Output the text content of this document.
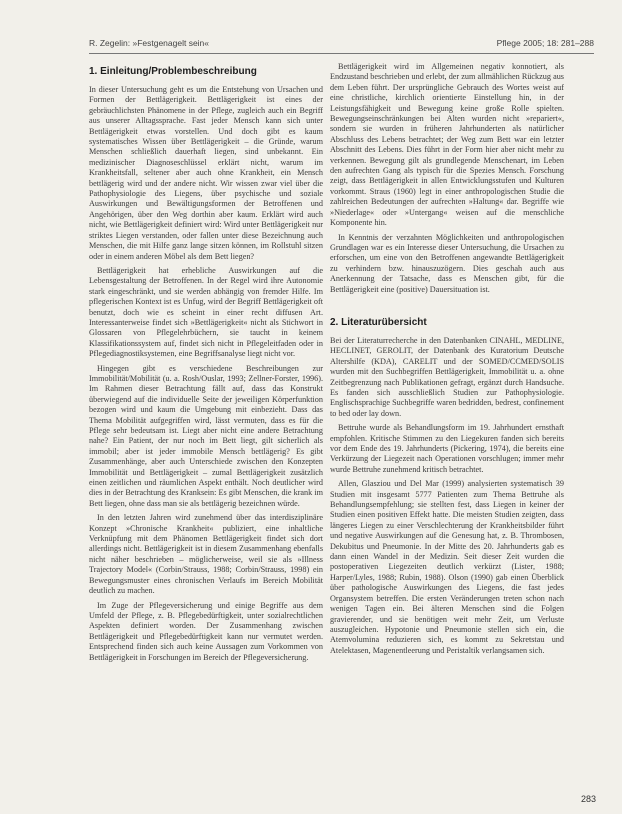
R. Zegelin: »Festgenagelt sein«	Pflege 2005; 18: 281–288
1. Einleitung/Problembeschreibung

In dieser Untersuchung geht es um die Entstehung von Ursachen und Formen der Bettlägerigkeit. Bettlägerigkeit ist eines der gebräuchlichsten Phänomene in der Pflege, zugleich auch ein Begriff aus unserer Alltagssprache. Fast jeder Mensch kann sich unter Bettlägerigkeit etwas vorstellen. Und doch gibt es kaum systematisches Wissen über Bettlägerigkeit – die Gründe, warum Menschen schließlich dauerhaft liegen, sind unbekannt. Ein medizinischer Diagnoseschlüssel erklärt nicht, warum im Krankheitsfall, seltener aber auch ohne Krankheit, ein Mensch bettlägerig wird und der andere nicht. Wir wissen zwar viel über die Pathophysiologie des Liegens, über psychische und soziale Auswirkungen und Bewältigungsformen der Betroffenen und Angehörigen, über den Weg dorthin aber kaum. Erklärt wird auch nicht, wie Bettlägerigkeit definiert wird: Wird unter Bettlägerigkeit nur striktes Liegen verstanden, oder fallen unter diese Bezeichnung auch Menschen, die mit Hilfe ganz lange sitzen können, im Rollstuhl sitzen oder in einem anderen Möbel als dem Bett liegen?

Bettlägerigkeit hat erhebliche Auswirkungen auf die Lebensgestaltung der Betroffenen. In der Regel wird ihre Autonomie stark eingeschränkt, und sie werden abhängig von fremder Hilfe. Im pflegerischen Kontext ist es Unfug, wird der Begriff Bettlägerigkeit oft benutzt, doch wie es scheint in einer recht diffusen Art. Interessanterweise findet sich »Bettlägerigkeit« nicht als Stichwort in Glossaren von Pflegelehrbüchern, sie taucht in keinem Klassifikationssystem auf, findet sich nicht in Pflegeleitfaden oder in Pflegediagnostiksystemen, eine Begriffsanalyse liegt nicht vor.

Hingegen gibt es verschiedene Beschreibungen zur Immobilität/Mobilität (u. a. Rosh/Ouslar, 1993; Zellner-Forster, 1996). Im Rahmen dieser Betrachtung fällt auf, dass das Konstrukt überwiegend auf die individuelle Seite der jeweiligen Körperfunktion bezogen wird und kaum die Umgebung mit einbezieht. Dass das Thema Mobilität aufgegriffen wird, lässt vermuten, dass es für die Pflege sehr bedeutsam ist. Liegt aber nicht eine andere Betrachtung nahe? Ein Patient, der nur noch im Bett liegt, gilt sicherlich als immobil; aber ist jeder immobile Mensch bettlägerig? Es gibt Zusammenhänge, aber auch Unterschiede zwischen den Konzepten Immobilität und Bettlägerigkeit – zumal Bettlägerigkeit zusätzlich einen zeitlichen und räumlichen Aspekt enthält. Noch deutlicher wird dies in der Betrachtung des Kranksein: Es gibt Menschen, die krank im Bett liegen, ohne dass man sie als bettlägerig bezeichnen würde.

In den letzten Jahren wird zunehmend über das interdisziplinäre Konzept »Chronische Krankheit« publiziert, eine inhaltliche Verknüpfung mit dem Phänomen Bettlägerigkeit findet sich dort allerdings nicht. Bettlägerigkeit ist in diesem Zusammenhang ebenfalls nicht näher beschrieben – möglicherweise, weil sie als »Illness Trajectory Model« (Corbin/Strauss, 1988; Corbin/Strauss, 1998) ein Bewegungsmuster eines chronischen Verlaufs im Bereich Mobilität deutlich zu machen.

Im Zuge der Pflegeversicherung und einige Begriffe aus dem Umfeld der Pflege, z. B. Pflegebedürftigkeit, unter sozialrechtlichen Aspekten definiert worden. Der Zusammenhang zwischen Bettlägerigkeit und Pflegebedürftigkeit kann nur vermutet werden. Entsprechend finden sich auch keine Aussagen zum Vorkommen von Bettlägerigkeit in Forschungen im Bereich der Pflegeversicherung.

Bettlägerigkeit wird im Allgemeinen negativ konnotiert, als Endzustand beschrieben und erlebt, der zum allmählichen Rückzug aus dem Leben führt. Der ursprüngliche Gebrauch des Wortes weist auf eine christliche, kirchlich orientierte Einstellung hin, in der Leistungsfähigkeit und Bewegung keine große Rolle spielten. Bewegungseinschränkungen bei Alten wurden nicht »repariert«, sondern sie wurden in früheren Jahrhunderten als natürlicher Abschluss des Lebens betrachtet; der Weg zum Bett war ein letzter Abschnitt des Lebens. Dies führt in der Form hier aber nicht mehr zu verkennen. Bewegung gilt als grundlegende Menschenart, im Leben den aufrechten Gang als typisch für die Spezies Mensch. Forschung zeigt, dass Bettlägerigkeit in allen Entwicklungsstufen und Kulturen vorkommt. Straus (1960) legt in einer anthropologischen Studie die zahlreichen Bedeutungen der aufrechten »Haltung« dar. Begriffe wie »Niederlage« oder »Untergang« weisen auf die menschliche Komponente hin.

In Kenntnis der verzahnten Möglichkeiten und anthropologischen Grundlagen war es ein Interesse dieser Untersuchung, die Ursachen zu erforschen, um eine von den Betroffenen angewandte Bettlägerigkeit zu verhindern bzw. hinauszuzögern. Dies geschah auch aus Anerkennung der Tatsache, dass es Menschen gibt, für die Bettlägerigkeit eine (positive) Dauersituation ist.

2. Literaturübersicht

Bei der Literaturrecherche in den Datenbanken CINAHL, MEDLINE, HECLINET, GEROLIT, der Datenbank des Kuratorium Deutsche Altershilfe (KDA), CARELIT und der SOMED/CCMED/SOLIS wurden mit den Suchbegriffen Bettlägerigkeit, Immobilität u. a. ohne Zeitbegrenzung nach Publikationen gefragt, ergänzt durch Handsuche. Es fanden sich ausschließlich Studien zur Pathophysiologie. Englischsprachige Suchbegriffe waren bedridden, bedrest, confinement to bed oder lay down.

Bettruhe wurde als Behandlungsform im 19. Jahrhundert ernsthaft empfohlen. Kritische Stimmen zu den Liegekuren fanden sich bereits vor dem Ende des 19. Jahrhunderts (Pickering, 1974), die bereits eine Verkürzung der Liegezeit nach Operationen vorschlugen; immer mehr wurde Bettruhe zunehmend kritisch betrachtet.

Allen, Glasziou und Del Mar (1999) analysierten systematisch 39 Studien mit insgesamt 5777 Patienten zum Thema Bettruhe als Behandlungsempfehlung; sie stellten fest, dass Liegen in keiner der Studien einen positiven Effekt hatte. Die meisten Studien zeigten, dass längeres Liegen zu einer Verschlechterung der Krankheitsbilder führt und negative Auswirkungen auf die Genesung hat, z. B. Thrombosen, Dekubitus und Pneumonie. In der Mitte des 20. Jahrhunderts gab es dann einen Wandel in der Medizin. Seit dieser Zeit wurden die postoperativen Liegezeiten deutlich verkürzt (Lister, 1988; Harper/Lyles, 1988; Rubin, 1988). Olson (1990) gab einen Überblick über pathologische Auswirkungen des Liegens, die fast jedes Organsystem betreffen. Die ersten Veränderungen treten schon nach wenigen Tagen ein. Bei älteren Menschen sind die Folgen gravierender, und sie benötigen weit mehr Zeit, um Verluste auszugleichen. Hypotonie und Pneumonie stellen sich ein, die Atemvolumina reduzieren sich, es kommt zu Sekretstau und Atelektasen, Magenentleerung und Peristaltik verlangsamen sich.

283
